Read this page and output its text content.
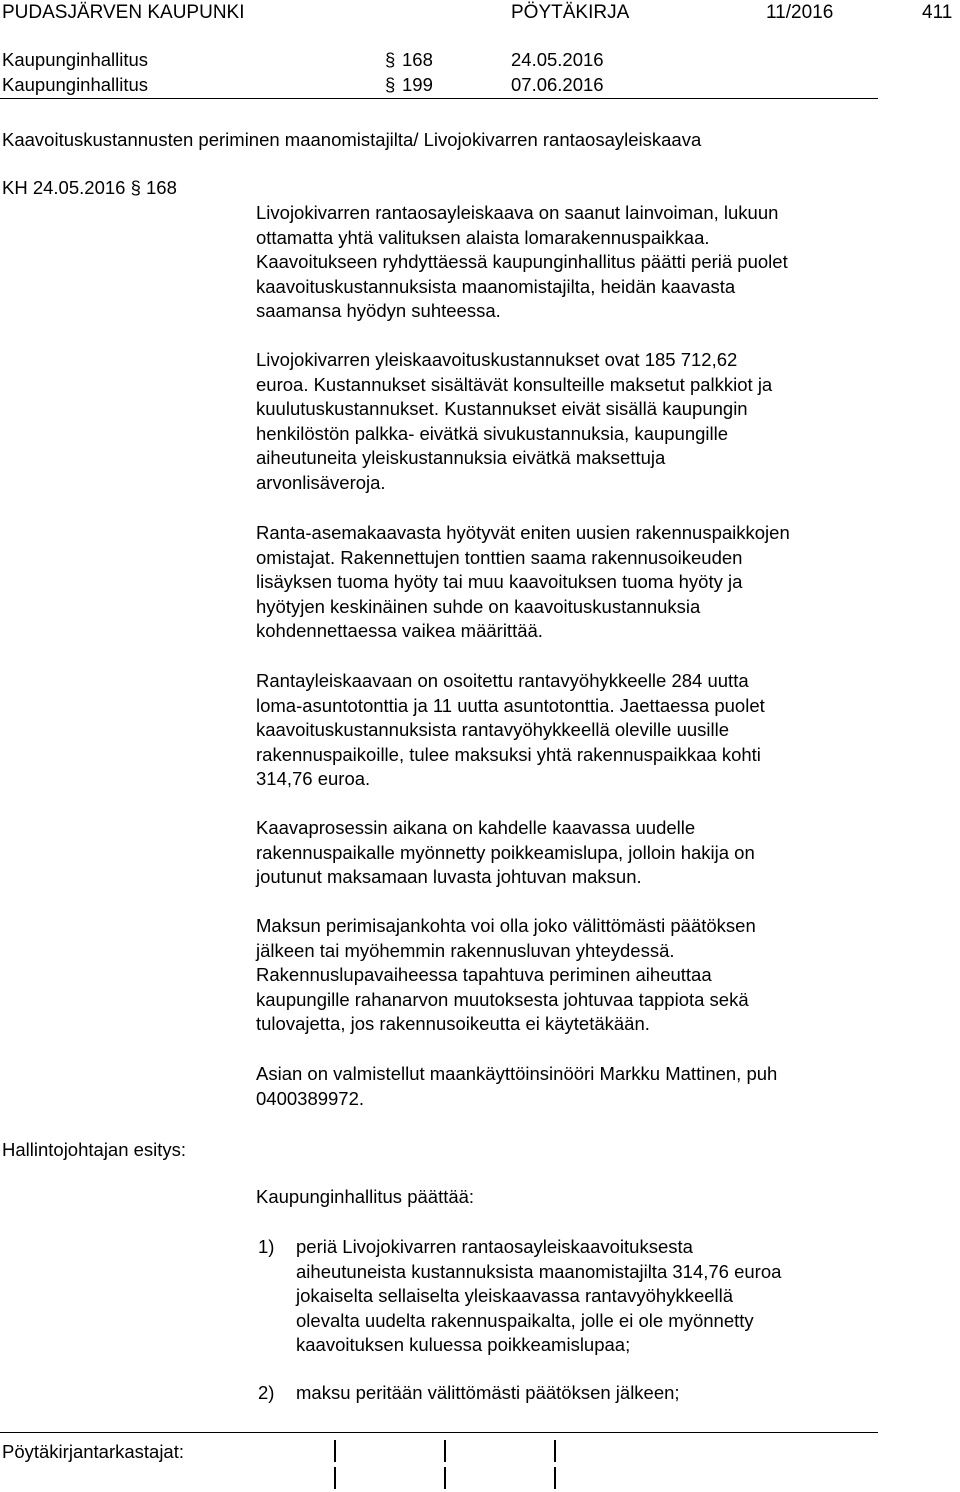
PUDASJÄRVEN KAUPUNKI	PÖYTÄKIRJA	11/2016	411
Kaupunginhallitus	§ 168	24.05.2016
Kaupunginhallitus	§ 199	07.06.2016
Kaavoituskustannusten periminen maanomistajilta/ Livojokivarren rantaosayleiskaava
KH 24.05.2016 § 168
Livojokivarren rantaosayleiskaava on saanut lainvoiman, lukuun
ottamatta yhtä valituksen alaista lomarakennuspaikkaa.
Kaavoitukseen ryhdyttäessä kaupunginhallitus päätti periä puolet
kaavoituskustannuksista maanomistajilta, heidän kaavasta
saamansa hyödyn suhteessa.
Livojokivarren yleiskaavoituskustannukset ovat 185 712,62
euroa. Kustannukset sisältävät konsulteille maksetut palkkiot ja
kuulutuskustannukset. Kustannukset eivät sisällä kaupungin
henkilöstön palkka- eivätkä sivukustannuksia, kaupungille
aiheutuneita yleiskustannuksia eivätkä maksettuja
arvonlisäveroja.
Ranta-asemakaavasta hyötyvät eniten uusien rakennuspaikkojen
omistajat. Rakennettujen tonttien saama rakennusoikeuden
lisäyksen tuoma hyöty tai muu kaavoituksen tuoma hyöty ja
hyötyjen keskinäinen suhde on kaavoituskustannuksia
kohdennettaessa vaikea määrittää.
Rantayleiskaavaan on osoitettu rantavyöhykkeelle 284 uutta
loma-asuntotonttia ja 11 uutta asuntotonttia. Jaettaessa puolet
kaavoituskustannuksista rantavyöhykkeellä oleville uusille
rakennuspaikoille, tulee maksuksi yhtä rakennuspaikkaa kohti
314,76 euroa.
Kaavaprosessin aikana on kahdelle kaavassa uudelle
rakennuspaikalle myönnetty poikkeamislupa, jolloin hakija on
joutunut maksamaan luvasta johtuvan maksun.
Maksun perimisajankohta voi olla joko välittömästi päätöksen
jälkeen tai myöhemmin rakennusluvan yhteydessä.
Rakennuslupavaiheessa tapahtuva periminen aiheuttaa
kaupungille rahanarvon muutoksesta johtuvaa tappiota sekä
tulovajetta, jos rakennusoikeutta ei käytetäkään.
Asian on valmistellut maankäyttöinsinööri Markku Mattinen, puh
0400389972.
Hallintojohtajan esitys:
Kaupunginhallitus päättää:
1) periä Livojokivarren rantaosayleiskaavoituksesta
aiheutuneista kustannuksista maanomistajilta 314,76 euroa
jokaiselta sellaiselta yleiskaavassa rantavyöhykkeellä
olevalta uudelta rakennuspaikalta, jolle ei ole myönnetty
kaavoituksen kuluessa poikkeamislupaa;
2) maksu peritään välittömästi päätöksen jälkeen;
Pöytäkirjantarkastajat:
